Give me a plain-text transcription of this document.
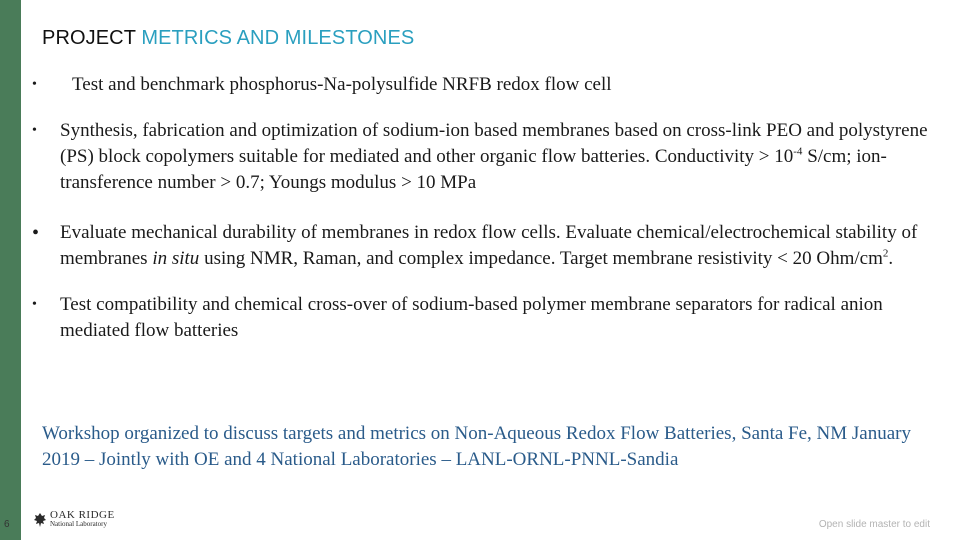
PROJECT METRICS AND MILESTONES
• Test and benchmark phosphorus-Na-polysulfide NRFB redox flow cell
• Synthesis, fabrication and optimization of sodium-ion based membranes based on cross-link PEO and polystyrene (PS) block copolymers suitable for mediated and other organic flow batteries. Conductivity > $10^{-4}$ S/cm; ion-transference number > 0.7; Youngs modulus > 10 MPa
• Evaluate mechanical durability of membranes in redox flow cells. Evaluate chemical/electrochemical stability of membranes in situ using NMR, Raman, and complex impedance. Target membrane resistivity < 20 Ohm/$cm^2$.
• Test compatibility and chemical cross-over of sodium-based polymer membrane separators for radical anion mediated flow batteries
Workshop organized to discuss targets and metrics on Non-Aqueous Redox Flow Batteries, Santa Fe, NM January 2019 – Jointly with OE and 4 National Laboratories – LANL-ORNL-PNNL-Sandia
6
OAK RIDGE
National Laboratory	Open slide master to edit
